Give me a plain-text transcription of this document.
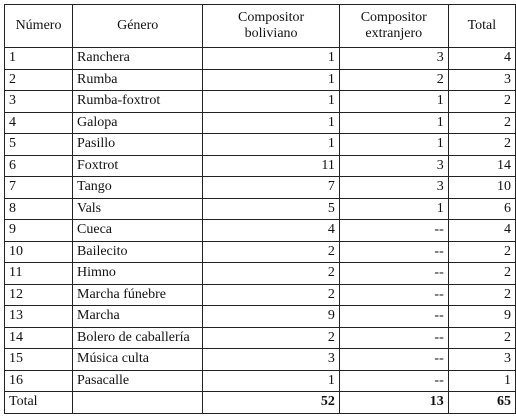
Número	Género	Compositor boliviano	Compositor extranjero	Total
1	Ranchera	1	3	4
2	Rumba	1	2	3
3	Rumba-foxtrot	1	1	2
4	Galopa	1	1	2
5	Pasillo	1	1	2
6	Foxtrot	11	3	14
7	Tango	7	3	10
8	Vals	5	1	6
9	Cueca	4	--	4
10	Bailecito	2	--	2
11	Himno	2	--	2
12	Marcha fúnebre	2	--	2
13	Marcha	9	--	9
14	Bolero de caballería	2	--	2
15	Música culta	3	--	3
16	Pasacalle	1	--	1
Total		52	13	65
